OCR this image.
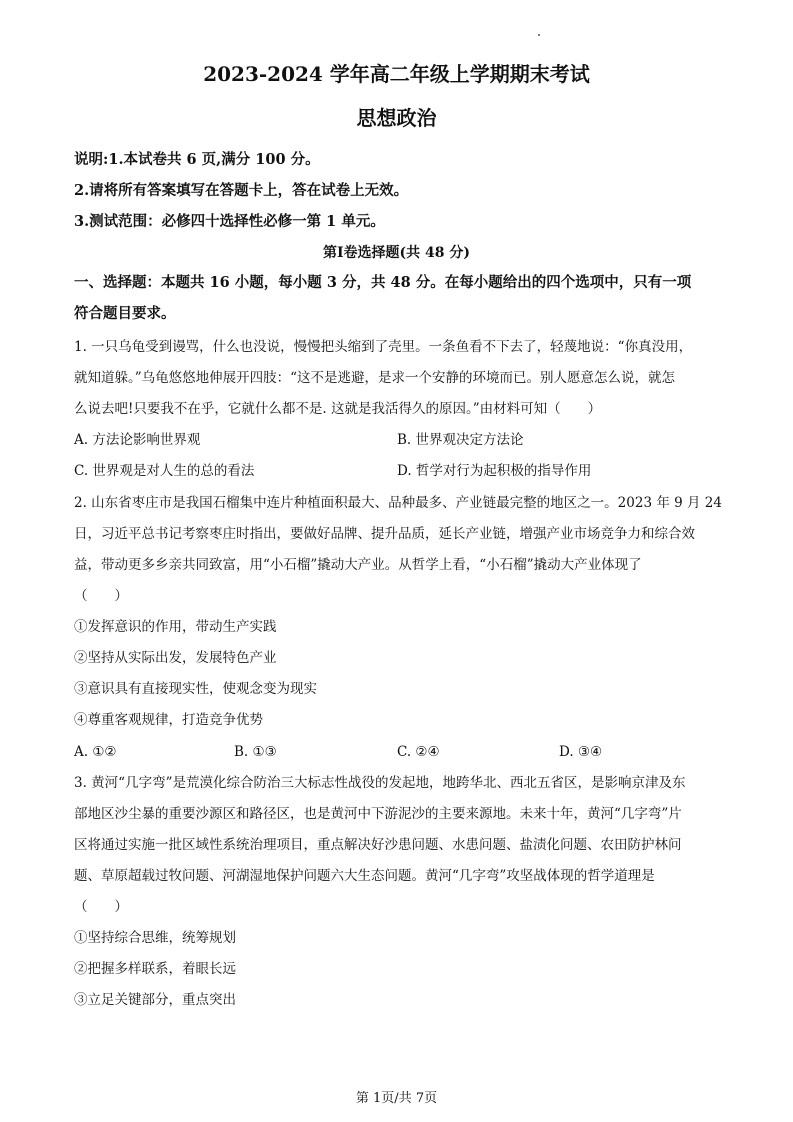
2023-2024 学年高二年级上学期期末考试
思想政治
说明:1.本试卷共 6 页,满分 100 分。
2.请将所有答案填写在答题卡上，答在试卷上无效。
3.测试范围：必修四十选择性必修一第 1 单元。
第Ⅰ卷选择题(共 48 分)
一、选择题：本题共 16 小题，每小题 3 分，共 48 分。在每小题给出的四个选项中，只有一项
符合题目要求。
1. 一只乌龟受到谩骂，什么也没说，慢慢把头缩到了壳里。一条鱼看不下去了，轻蔑地说：“你真没用，
就知道躲。”乌龟悠悠地伸展开四肢：“这不是逃避，是求一个安静的环境而已。别人愿意怎么说，就怎
么说去吧!只要我不在乎，它就什么都不是. 这就是我活得久的原因。”由材料可知（　　）
A. 方法论影响世界观	B. 世界观决定方法论
C. 世界观是对人生的总的看法	D. 哲学对行为起积极的指导作用
2. 山东省枣庄市是我国石榴集中连片种植面积最大、品种最多、产业链最完整的地区之一。2023 年 9 月 24
日，习近平总书记考察枣庄时指出，要做好品牌、提升品质，延长产业链，增强产业市场竞争力和综合效
益，带动更多乡亲共同致富，用“小石榴”撬动大产业。从哲学上看，“小石榴”撬动大产业体现了
（　　）
①发挥意识的作用，带动生产实践
②坚持从实际出发，发展特色产业
③意识具有直接现实性，使观念变为现实
④尊重客观规律，打造竞争优势
A. ①②	B. ①③	C. ②④	D. ③④
3. 黄河“几字弯”是荒漠化综合防治三大标志性战役的发起地，地跨华北、西北五省区，是影响京津及东
部地区沙尘暴的重要沙源区和路径区，也是黄河中下游泥沙的主要来源地。未来十年，黄河“几字弯”片
区将通过实施一批区域性系统治理项目，重点解决好沙患问题、水患问题、盐渍化问题、农田防护林问
题、草原超载过牧问题、河湖湿地保护问题六大生态问题。黄河“几字弯”攻坚战体现的哲学道理是
（　　）
①坚持综合思维，统筹规划
②把握多样联系，着眼长远
③立足关键部分，重点突出
第 1页/共 7页
